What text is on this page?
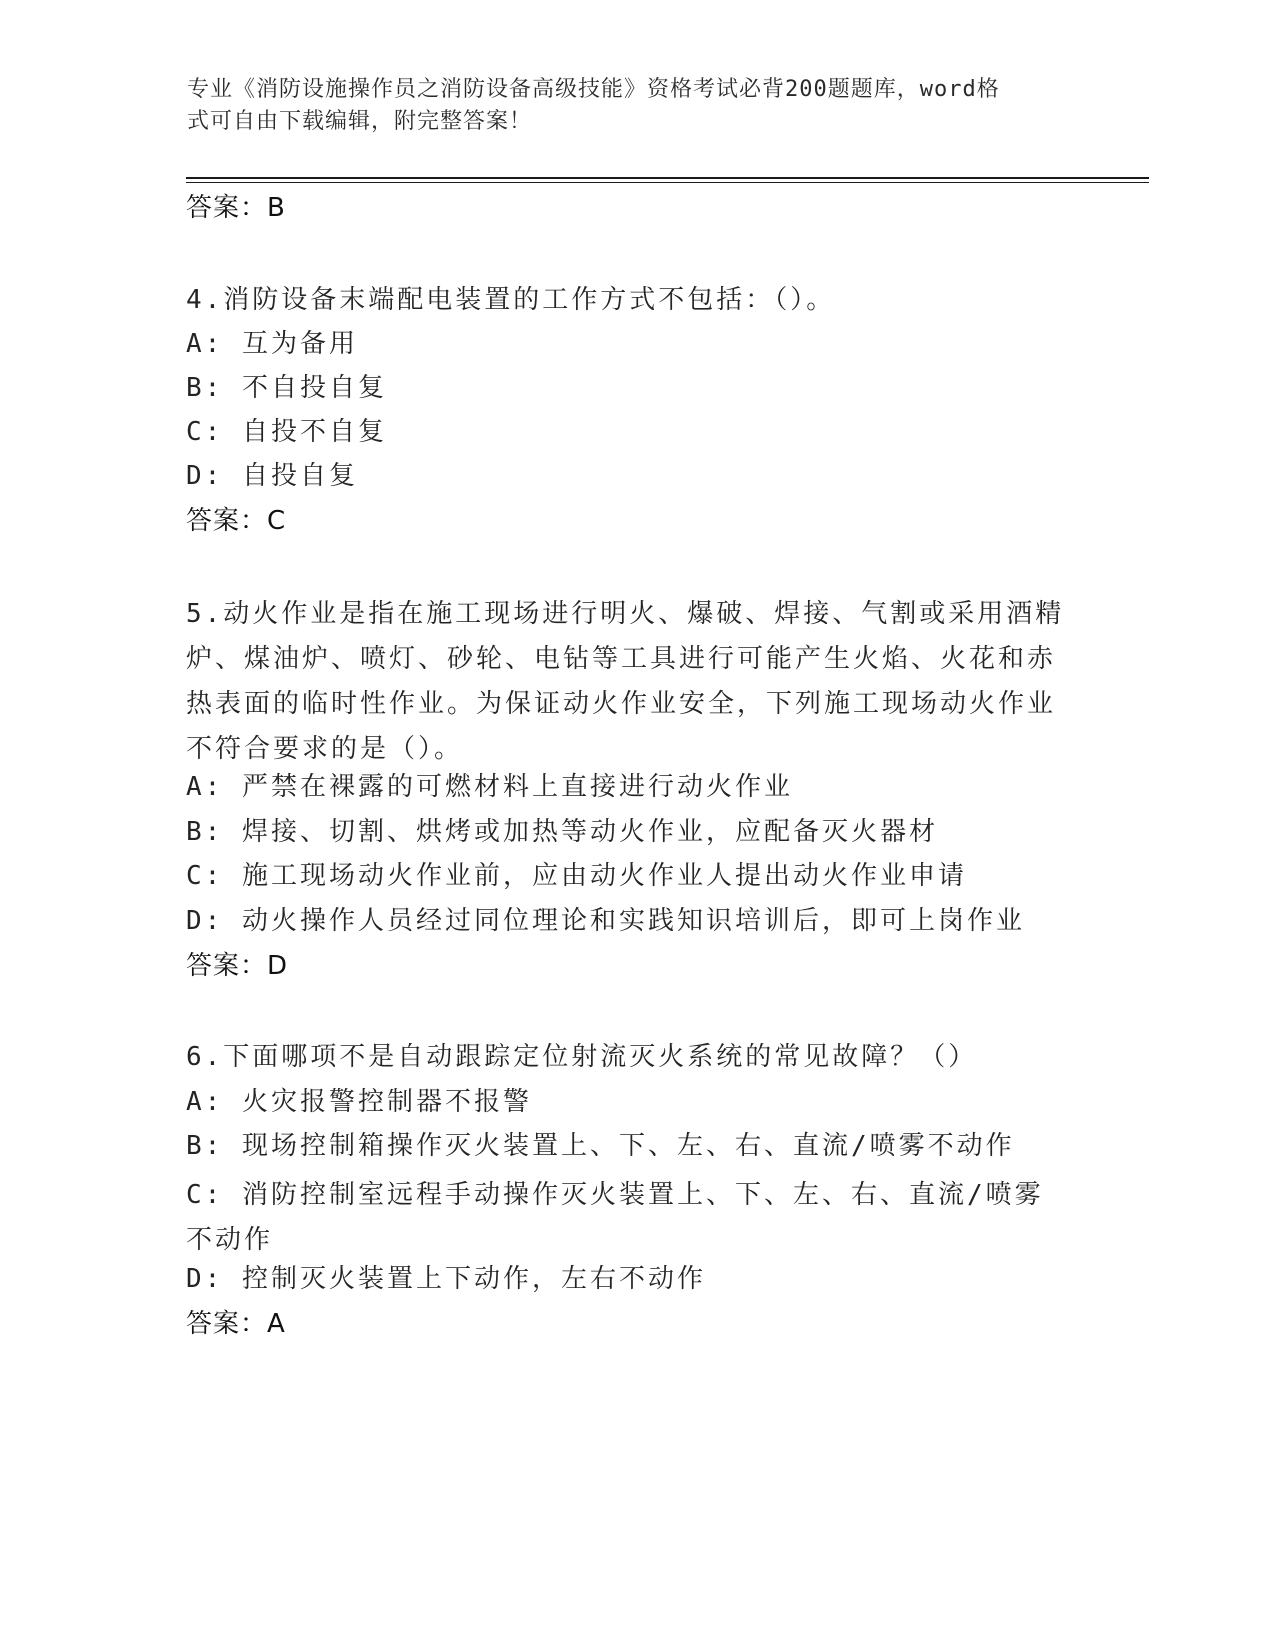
专业《消防设施操作员之消防设备高级技能》资格考试必背200题题库，word格
式可自由下载编辑，附完整答案！

答案：B

4.消防设备末端配电装置的工作方式不包括：（）。

A: 互为备用

B: 不自投自复

C: 自投不自复

D: 自投自复

答案：C

5.动火作业是指在施工现场进行明火、爆破、焊接、气割或采用酒精炉、煤油炉、喷灯、砂轮、电钻等工具进行可能产生火焰、火花和赤热表面的临时性作业。为保证动火作业安全，下列施工现场动火作业不符合要求的是（）。

A: 严禁在裸露的可燃材料上直接进行动火作业

B: 焊接、切割、烘烤或加热等动火作业，应配备灭火器材

C: 施工现场动火作业前，应由动火作业人提出动火作业申请

D: 动火操作人员经过同位理论和实践知识培训后，即可上岗作业

答案：D

6.下面哪项不是自动跟踪定位射流灭火系统的常见故障？（）

A: 火灾报警控制器不报警

B: 现场控制箱操作灭火装置上、下、左、右、直流/喷雾不动作

C: 消防控制室远程手动操作灭火装置上、下、左、右、直流/喷雾不动作

D: 控制灭火装置上下动作，左右不动作

答案：A
